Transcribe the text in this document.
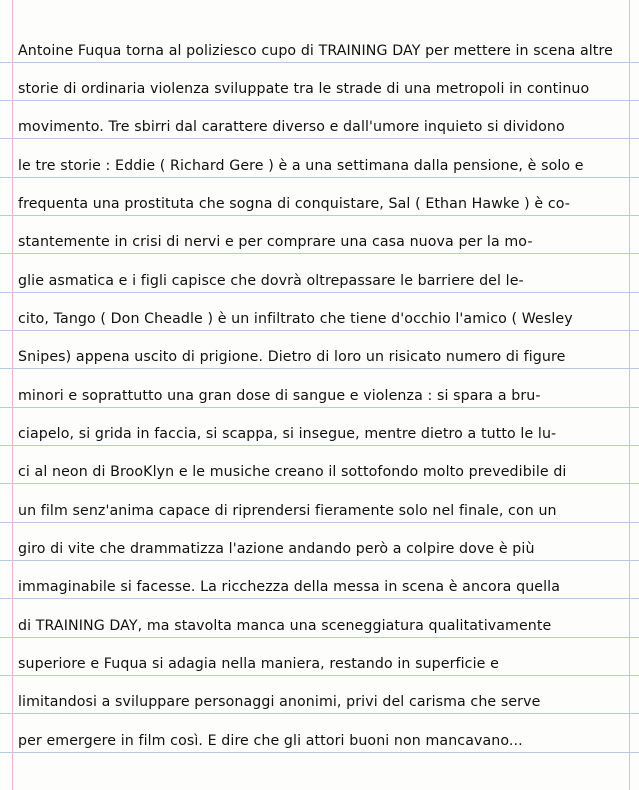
Antoine Fuqua torna al poliziesco cupo di TRAINING DAY per mettere in scena altre
storie di ordinaria violenza sviluppate tra le strade di una metropoli in continuo
movimento. Tre sbirri dal carattere diverso e dall'umore inquieto si dividono
le tre storie : Eddie ( Richard Gere ) è a una settimana dalla pensione, è solo e
frequenta una prostituta che sogna di conquistare, Sal ( Ethan Hawke ) è co-
stantemente in crisi di nervi e per comprare una casa nuova per la mo-
glie asmatica e i figli capisce che dovrà oltrepassare le barriere del le-
cito, Tango ( Don Cheadle ) è un infiltrato che tiene d'occhio l'amico ( Wesley
Snipes) appena uscito di prigione. Dietro di loro un risicato numero di figure
minori e soprattutto una gran dose di sangue e violenza : si spara a bru-
ciapelo, si grida in faccia, si scappa, si insegue, mentre dietro a tutto le lu-
ci al neon di BrooKlyn e le musiche creano il sottofondo molto prevedibile di
un film senz'anima capace di riprendersi fieramente solo nel finale, con un
giro di vite che drammatizza l'azione andando però a colpire dove è più
immaginabile si facesse. La ricchezza della messa in scena è ancora quella
di TRAINING DAY, ma stavolta manca una sceneggiatura qualitativamente
superiore e Fuqua si adagia nella maniera, restando in superficie e
limitandosi a sviluppare personaggi anonimi, privi del carisma che serve
per emergere in film così. E dire che gli attori buoni non mancavano...
